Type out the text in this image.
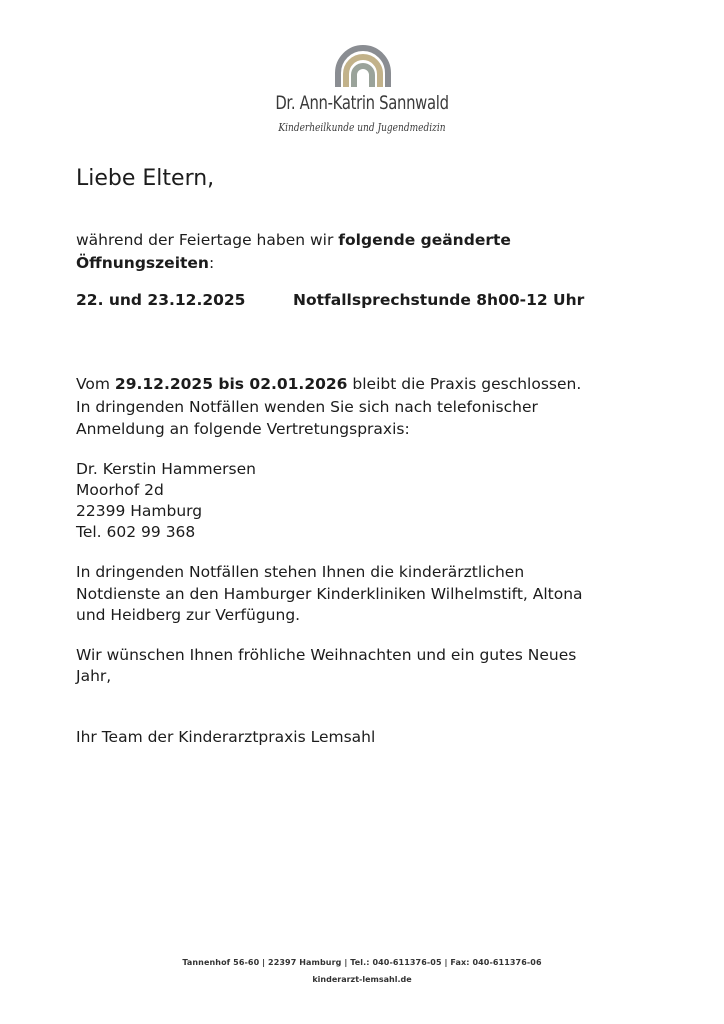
Dr. Ann-Katrin Sannwald
Kinderheilkunde und Jugendmedizin
Liebe Eltern,
während der Feiertage haben wir folgende geänderte
Öffnungszeiten:
22. und 23.12.2025	Notfallsprechstunde 8h00-12 Uhr
Vom 29.12.2025 bis 02.01.2026 bleibt die Praxis geschlossen.
In dringenden Notfällen wenden Sie sich nach telefonischer
Anmeldung an folgende Vertretungspraxis:
Dr. Kerstin Hammersen
Moorhof 2d
22399 Hamburg
Tel. 602 99 368
In dringenden Notfällen stehen Ihnen die kinderärztlichen
Notdienste an den Hamburger Kinderkliniken Wilhelmstift, Altona
und Heidberg zur Verfügung.
Wir wünschen Ihnen fröhliche Weihnachten und ein gutes Neues
Jahr,
Ihr Team der Kinderarztpraxis Lemsahl
Tannenhof 56-60 | 22397 Hamburg | Tel.: 040-611376-05 | Fax: 040-611376-06
kinderarzt-lemsahl.de
